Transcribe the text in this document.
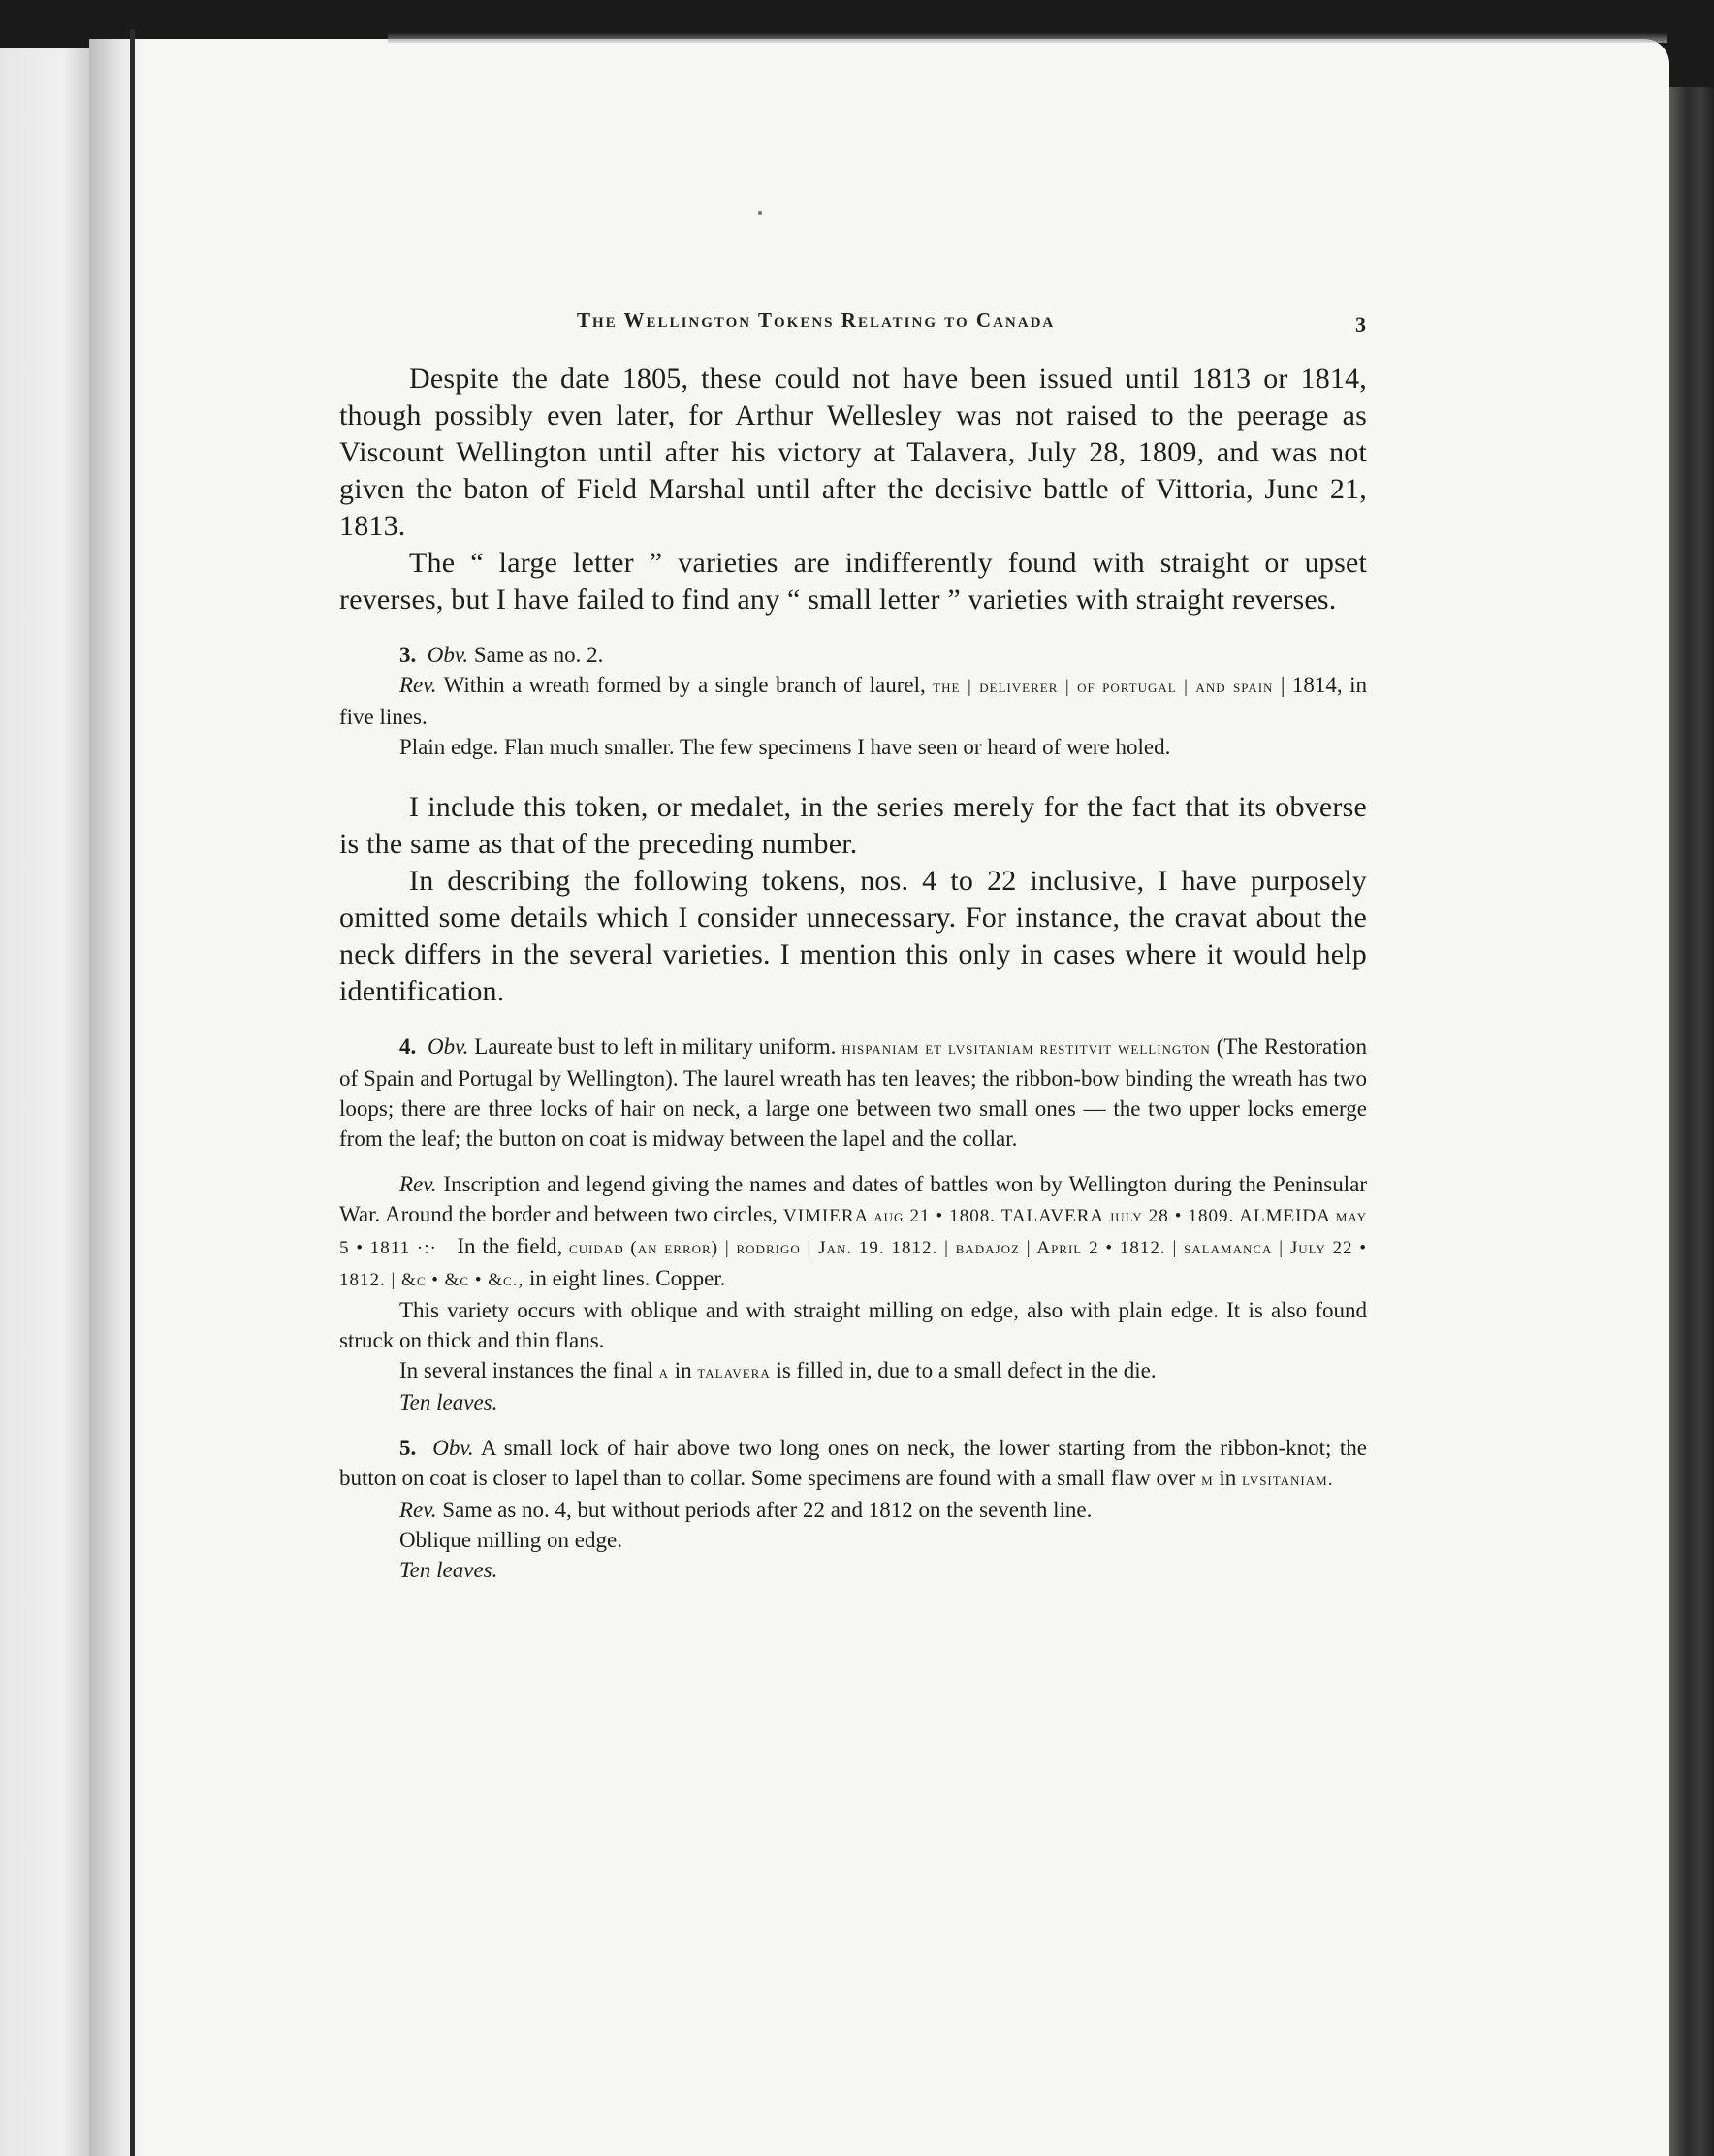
The Wellington Tokens Relating to Canada	3

Despite the date 1805, these could not have been issued until 1813 or 1814, though possibly even later, for Arthur Wellesley was not raised to the peerage as Viscount Wellington until after his victory at Talavera, July 28, 1809, and was not given the baton of Field Marshal until after the decisive battle of Vittoria, June 21, 1813.

The “ large letter ” varieties are indifferently found with straight or upset reverses, but I have failed to find any “ small letter ” varieties with straight reverses.

3. Obv. Same as no. 2.

Rev. Within a wreath formed by a single branch of laurel, the | deliverer | of portugal | and spain | 1814, in five lines.

Plain edge. Flan much smaller. The few specimens I have seen or heard of were holed.

I include this token, or medalet, in the series merely for the fact that its obverse is the same as that of the preceding number.

In describing the following tokens, nos. 4 to 22 inclusive, I have purposely omitted some details which I consider unnecessary. For instance, the cravat about the neck differs in the several varieties. I mention this only in cases where it would help identification.

4. Obv. Laureate bust to left in military uniform. hispaniam et lvsitaniam restitvit wellington (The Restoration of Spain and Portugal by Wellington). The laurel wreath has ten leaves; the ribbon-bow binding the wreath has two loops; there are three locks of hair on neck, a large one between two small ones — the two upper locks emerge from the leaf; the button on coat is midway between the lapel and the collar.

Rev. Inscription and legend giving the names and dates of battles won by Wellington during the Peninsular War. Around the border and between two circles, VIMIERA aug 21 • 1808. TALAVERA july 28 • 1809. ALMEIDA may 5 • 1811 ·:· In the field, cuidad (an error) | rodrigo | Jan. 19. 1812. | badajoz | April 2 • 1812. | salamanca | July 22 • 1812. | &c • &c • &c., in eight lines. Copper.

This variety occurs with oblique and with straight milling on edge, also with plain edge. It is also found struck on thick and thin flans.

In several instances the final a in talavera is filled in, due to a small defect in the die.

Ten leaves.

5. Obv. A small lock of hair above two long ones on neck, the lower starting from the ribbon-knot; the button on coat is closer to lapel than to collar. Some specimens are found with a small flaw over m in lvsitaniam.

Rev. Same as no. 4, but without periods after 22 and 1812 on the seventh line.

Oblique milling on edge.

Ten leaves.
